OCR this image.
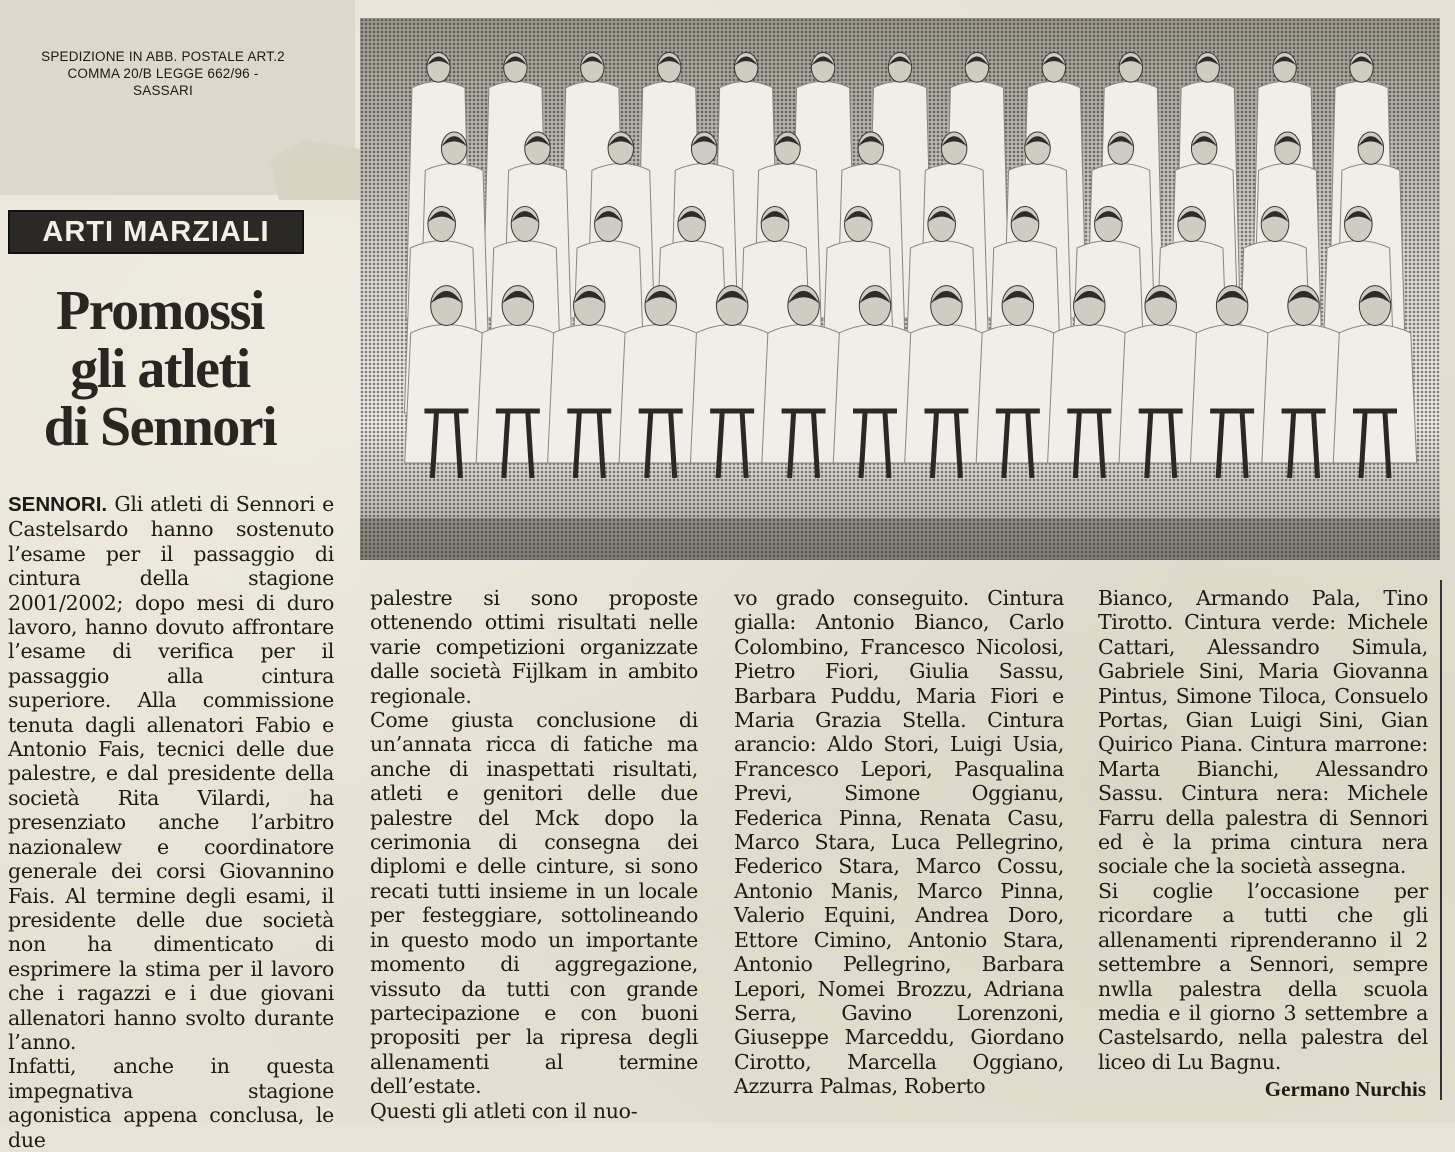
SPEDIZIONE IN ABB. POSTALE ART.2
COMMA 20/B LEGGE 662/96 - SASSARI
ARTI MARZIALI
Promossi
gli atleti
di Sennori
SENNORI. Gli atleti di Sennori e Castelsardo hanno sostenuto l’esame per il passaggio di cintura della stagione 2001/2002; dopo mesi di duro lavoro, hanno dovuto affrontare l’esame di verifica per il passaggio alla cintura superiore. Alla commissione tenuta dagli allenatori Fabio e Antonio Fais, tecnici delle due palestre, e dal presidente della società Rita Vilardi, ha presenziato anche l’arbitro nazionalew e coordinatore generale dei corsi Giovannino Fais. Al termine degli esami, il presidente delle due società non ha dimenticato di esprimere la stima per il lavoro che i ragazzi e i due giovani allenatori hanno svolto durante l’anno.
Infatti, anche in questa impegnativa stagione agonistica appena conclusa, le due
palestre si sono proposte ottenendo ottimi risultati nelle varie competizioni organizzate dalle società Fijlkam in ambito regionale.
Come giusta conclusione di un’annata ricca di fatiche ma anche di inaspettati risultati, atleti e genitori delle due palestre del Mck dopo la cerimonia di consegna dei diplomi e delle cinture, si sono recati tutti insieme in un locale per festeggiare, sottolineando in questo modo un importante momento di aggregazione, vissuto da tutti con grande partecipazione e con buoni propositi per la ripresa degli allenamenti al termine dell’estate.
Questi gli atleti con il nuo-
vo grado conseguito. Cintura gialla: Antonio Bianco, Carlo Colombino, Francesco Nicolosi, Pietro Fiori, Giulia Sassu, Barbara Puddu, Maria Fiori e Maria Grazia Stella. Cintura arancio: Aldo Stori, Luigi Usia, Francesco Lepori, Pasqualina Previ, Simone Oggianu, Federica Pinna, Renata Casu, Marco Stara, Luca Pellegrino, Federico Stara, Marco Cossu, Antonio Manis, Marco Pinna, Valerio Equini, Andrea Doro, Ettore Cimino, Antonio Stara, Antonio Pellegrino, Barbara Lepori, Nomei Brozzu, Adriana Serra, Gavino Lorenzoni, Giuseppe Marceddu, Giordano Cirotto, Marcella Oggiano, Azzurra Palmas, Roberto
Bianco, Armando Pala, Tino Tirotto. Cintura verde: Michele Cattari, Alessandro Simula, Gabriele Sini, Maria Giovanna Pintus, Simone Tiloca, Consuelo Portas, Gian Luigi Sini, Gian Quirico Piana. Cintura marrone: Marta Bianchi, Alessandro Sassu. Cintura nera: Michele Farru della palestra di Sennori ed è la prima cintura nera sociale che la società assegna.
Si coglie l’occasione per ricordare a tutti che gli allenamenti riprenderanno il 2 settembre a Sennori, sempre nwlla palestra della scuola media e il giorno 3 settembre a Castelsardo, nella palestra del liceo di Lu Bagnu.
Germano Nurchis
